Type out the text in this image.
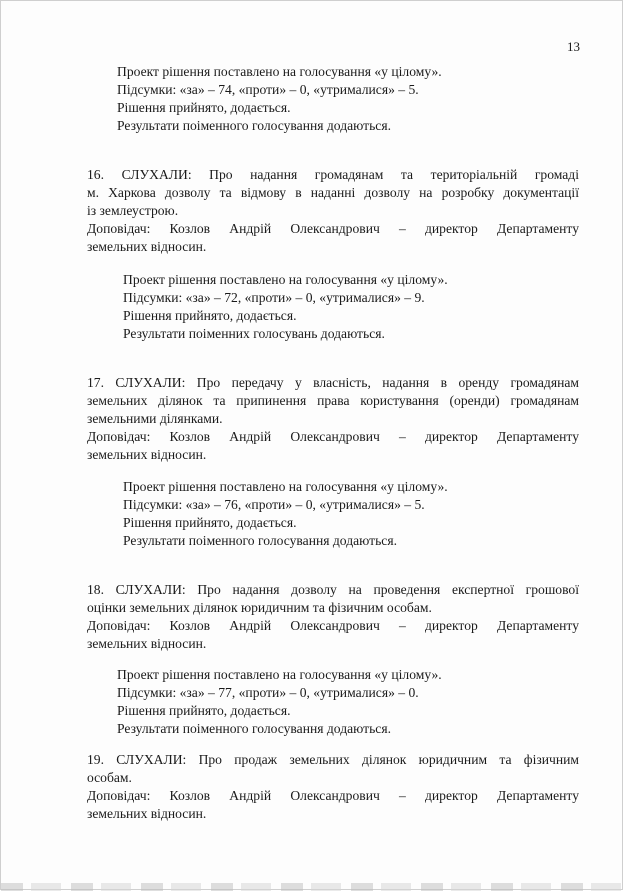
13
Проект рішення поставлено на голосування «у цілому».
Підсумки: «за» – 74, «проти» – 0, «утрималися» – 5.
Рішення прийнято, додається.
Результати поіменного голосування додаються.
16. СЛУХАЛИ: Про надання громадянам та територіальній громаді
м. Харкова дозволу та відмову в наданні дозволу на розробку документації
із землеустрою.
Доповідач: Козлов Андрій Олександрович – директор Департаменту
земельних відносин.
Проект рішення поставлено на голосування «у цілому».
Підсумки: «за» – 72, «проти» – 0, «утрималися» – 9.
Рішення прийнято, додається.
Результати поіменних голосувань додаються.
17. СЛУХАЛИ: Про передачу у власність, надання в оренду громадянам
земельних ділянок та припинення права користування (оренди) громадянам
земельними ділянками.
Доповідач: Козлов Андрій Олександрович – директор Департаменту
земельних відносин.
Проект рішення поставлено на голосування «у цілому».
Підсумки: «за» – 76, «проти» – 0, «утрималися» – 5.
Рішення прийнято, додається.
Результати поіменного голосування додаються.
18. СЛУХАЛИ: Про надання дозволу на проведення експертної грошової
оцінки земельних ділянок юридичним та фізичним особам.
Доповідач: Козлов Андрій Олександрович – директор Департаменту
земельних відносин.
Проект рішення поставлено на голосування «у цілому».
Підсумки: «за» – 77, «проти» – 0, «утрималися» – 0.
Рішення прийнято, додається.
Результати поіменного голосування додаються.
19. СЛУХАЛИ: Про продаж земельних ділянок юридичним та фізичним
особам.
Доповідач: Козлов Андрій Олександрович – директор Департаменту
земельних відносин.
